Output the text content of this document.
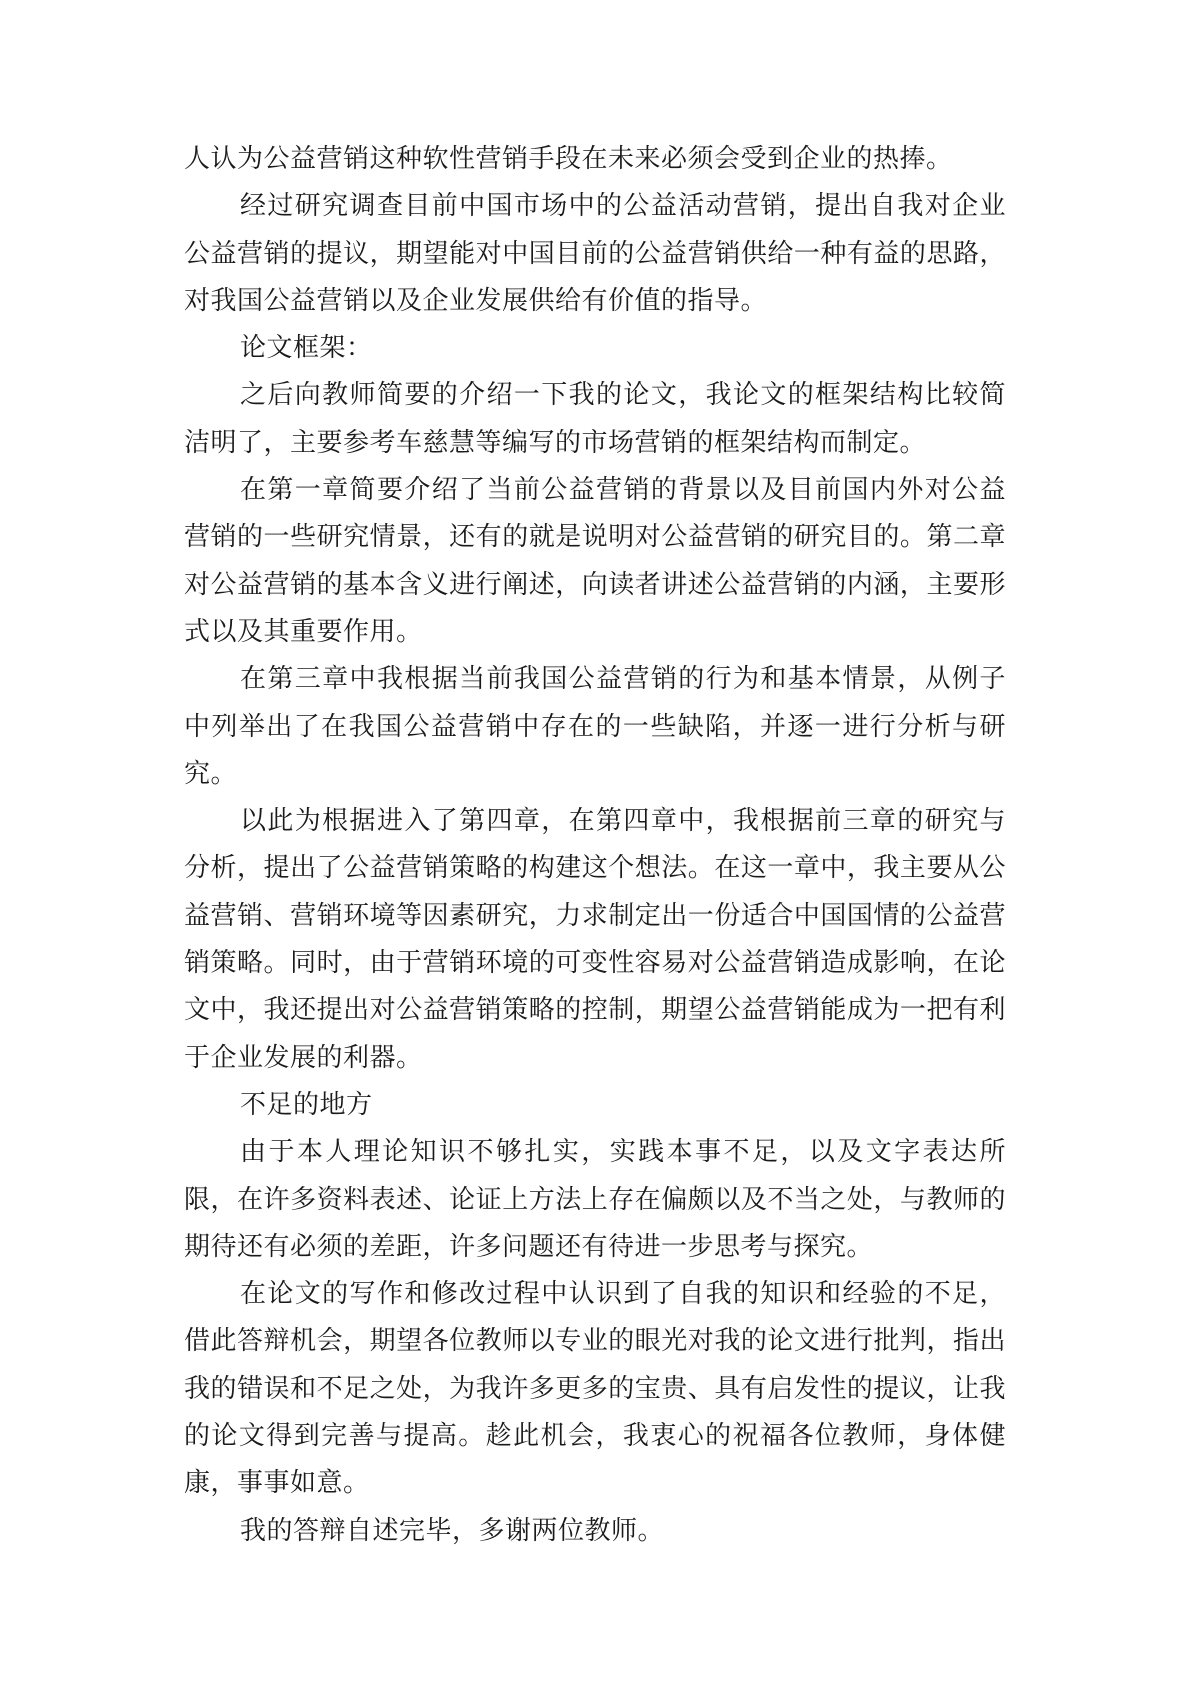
人认为公益营销这种软性营销手段在未来必须会受到企业的热捧。

经过研究调查目前中国市场中的公益活动营销，提出自我对企业公益营销的提议，期望能对中国目前的公益营销供给一种有益的思路，对我国公益营销以及企业发展供给有价值的指导。

论文框架：

之后向教师简要的介绍一下我的论文，我论文的框架结构比较简洁明了，主要参考车慈慧等编写的市场营销的框架结构而制定。

在第一章简要介绍了当前公益营销的背景以及目前国内外对公益营销的一些研究情景，还有的就是说明对公益营销的研究目的。第二章对公益营销的基本含义进行阐述，向读者讲述公益营销的内涵，主要形式以及其重要作用。

在第三章中我根据当前我国公益营销的行为和基本情景，从例子中列举出了在我国公益营销中存在的一些缺陷，并逐一进行分析与研究。

以此为根据进入了第四章，在第四章中，我根据前三章的研究与分析，提出了公益营销策略的构建这个想法。在这一章中，我主要从公益营销、营销环境等因素研究，力求制定出一份适合中国国情的公益营销策略。同时，由于营销环境的可变性容易对公益营销造成影响，在论文中，我还提出对公益营销策略的控制，期望公益营销能成为一把有利于企业发展的利器。

不足的地方

由于本人理论知识不够扎实，实践本事不足，以及文字表达所限，在许多资料表述、论证上方法上存在偏颇以及不当之处，与教师的期待还有必须的差距，许多问题还有待进一步思考与探究。

在论文的写作和修改过程中认识到了自我的知识和经验的不足，借此答辩机会，期望各位教师以专业的眼光对我的论文进行批判，指出我的错误和不足之处，为我许多更多的宝贵、具有启发性的提议，让我的论文得到完善与提高。趁此机会，我衷心的祝福各位教师，身体健康，事事如意。

我的答辩自述完毕，多谢两位教师。
